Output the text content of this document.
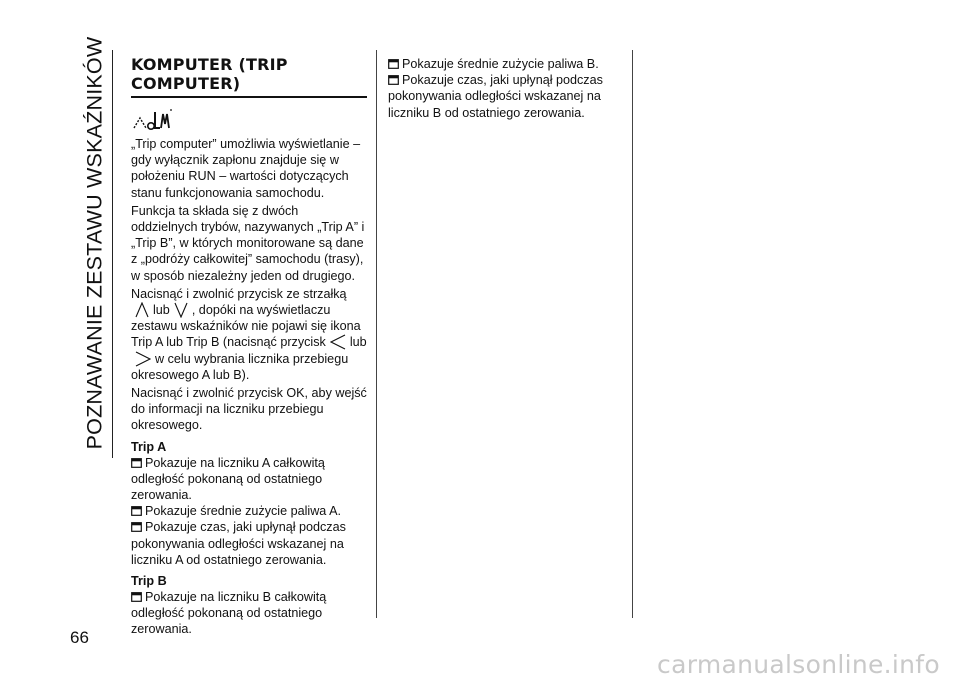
POZNAWANIE ZESTAWU WSKAŹNIKÓW
66
KOMPUTER (TRIP
COMPUTER)

„Trip computer” umożliwia wyświetlanie – gdy wyłącznik zapłonu znajduje się w położeniu RUN – wartości dotyczących stanu funkcjonowania samochodu.

Funkcja ta składa się z dwóch oddzielnych trybów, nazywanych „Trip A” i „Trip B”, w których monitorowane są dane z „podróży całkowitej” samochodu (trasy), w sposób niezależny jeden od drugiego.

Nacisnąć i zwolnić przycisk ze strzałką
lub , dopóki na wyświetlaczu zestawu wskaźników nie pojawi się ikona Trip A lub Trip B (nacisnąć przycisk lubw celu wybrania licznika przebiegu okresowego A lub B).

Nacisnąć i zwolnić przycisk OK, aby wejść do informacji na liczniku przebiegu okresowego.

Trip A

Pokazuje na liczniku A całkowitą odległość pokonaną od ostatniego zerowania.

Pokazuje średnie zużycie paliwa A.

Pokazuje czas, jaki upłynął podczas pokonywania odległości wskazanej na liczniku A od ostatniego zerowania.

Trip B

Pokazuje na liczniku B całkowitą odległość pokonaną od ostatniego zerowania.

Pokazuje średnie zużycie paliwa B.

Pokazuje czas, jaki upłynął podczas pokonywania odległości wskazanej na liczniku B od ostatniego zerowania.

carmanualsonline.info
